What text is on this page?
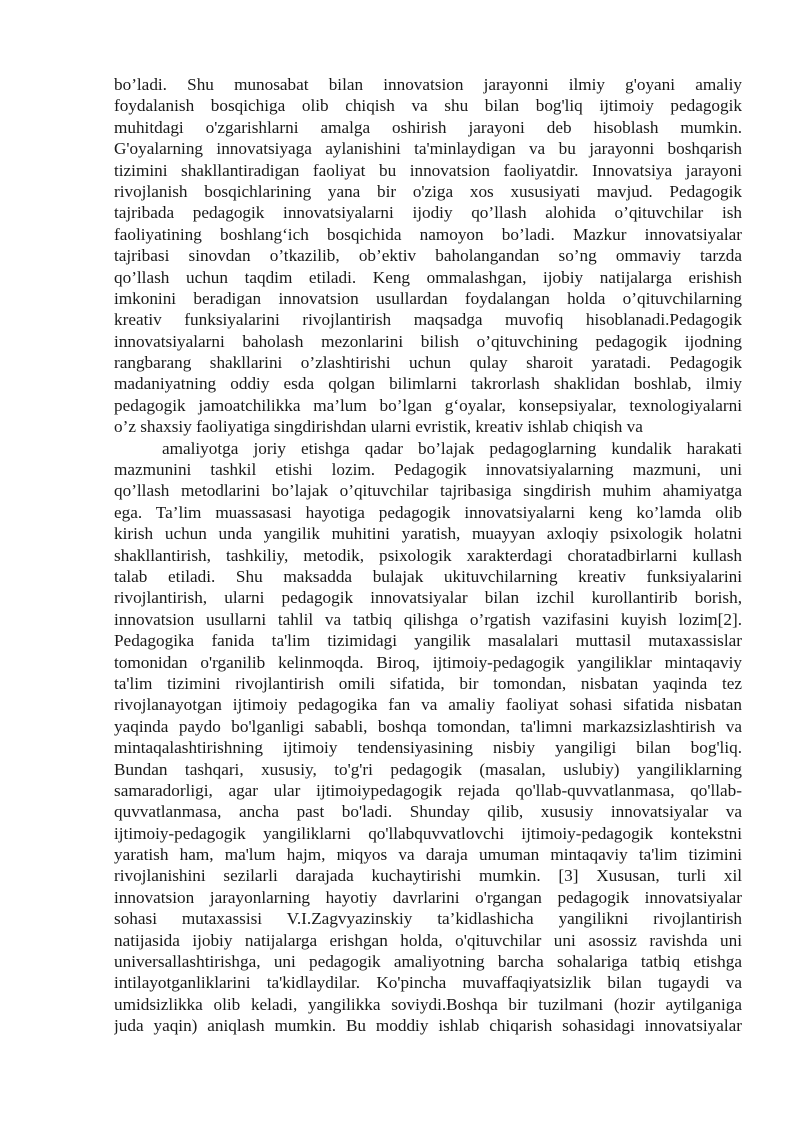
bo’ladi. Shu munosabat bilan innovatsion jarayonni ilmiy g'oyani amaliy
foydalanish bosqichiga olib chiqish va shu bilan bog'liq ijtimoiy pedagogik
muhitdagi o'zgarishlarni amalga oshirish jarayoni deb hisoblash mumkin.
G'oyalarning innovatsiyaga aylanishini ta'minlaydigan va bu jarayonni boshqarish
tizimini shakllantiradigan faoliyat bu innovatsion faoliyatdir. Innovatsiya jarayoni
rivojlanish bosqichlarining yana bir o'ziga xos xususiyati mavjud. Pedagogik
tajribada pedagogik innovatsiyalarni ijodiy qo’llash alohida o’qituvchilar ish
faoliyatining boshlang‘ich bosqichida namoyon bo’ladi. Mazkur innovatsiyalar
tajribasi sinovdan o’tkazilib, ob’ektiv baholangandan so’ng ommaviy tarzda
qo’llash uchun taqdim etiladi. Keng ommalashgan, ijobiy natijalarga erishish
imkonini beradigan innovatsion usullardan foydalangan holda o’qituvchilarning
kreativ funksiyalarini rivojlantirish maqsadga muvofiq hisoblanadi.Pedagogik
innovatsiyalarni baholash mezonlarini bilish o’qituvchining pedagogik ijodning
rangbarang shakllarini o’zlashtirishi uchun qulay sharoit yaratadi. Pedagogik
madaniyatning oddiy esda qolgan bilimlarni takrorlash shaklidan boshlab, ilmiy
pedagogik jamoatchilikka ma’lum bo’lgan g‘oyalar, konsepsiyalar, texnologiyalarni
o’z shaxsiy faoliyatiga singdirishdan ularni evristik, kreativ ishlab chiqish va
amaliyotga joriy etishga qadar bo’lajak pedagoglarning kundalik harakati
mazmunini tashkil etishi lozim. Pedagogik innovatsiyalarning mazmuni, uni
qo’llash metodlarini bo’lajak o’qituvchilar tajribasiga singdirish muhim ahamiyatga
ega. Ta’lim muassasasi hayotiga pedagogik innovatsiyalarni keng ko’lamda olib
kirish uchun unda yangilik muhitini yaratish, muayyan axloqiy psixologik holatni
shakllantirish, tashkiliy, metodik, psixologik xarakterdagi choratadbirlarni kullash
talab etiladi. Shu maksadda bulajak ukituvchilarning kreativ funksiyalarini
rivojlantirish, ularni pedagogik innovatsiyalar bilan izchil kurollantirib borish,
innovatsion usullarni tahlil va tatbiq qilishga o’rgatish vazifasini kuyish lozim[2].
Pedagogika fanida ta'lim tizimidagi yangilik masalalari muttasil mutaxassislar
tomonidan o'rganilib kelinmoqda. Biroq, ijtimoiy-pedagogik yangiliklar mintaqaviy
ta'lim tizimini rivojlantirish omili sifatida, bir tomondan, nisbatan yaqinda tez
rivojlanayotgan ijtimoiy pedagogika fan va amaliy faoliyat sohasi sifatida nisbatan
yaqinda paydo bo'lganligi sababli, boshqa tomondan, ta'limni markazsizlashtirish va
mintaqalashtirishning ijtimoiy tendensiyasining nisbiy yangiligi bilan bog'liq.
Bundan tashqari, xususiy, to'g'ri pedagogik (masalan, uslubiy) yangiliklarning
samaradorligi, agar ular ijtimoiypedagogik rejada qo'llab-quvvatlanmasa, qo'llab-
quvvatlanmasa, ancha past bo'ladi. Shunday qilib, xususiy innovatsiyalar va
ijtimoiy-pedagogik yangiliklarni qo'llabquvvatlovchi ijtimoiy-pedagogik kontekstni
yaratish ham, ma'lum hajm, miqyos va daraja umuman mintaqaviy ta'lim tizimini
rivojlanishini sezilarli darajada kuchaytirishi mumkin. [3] Xususan, turli xil
innovatsion jarayonlarning hayotiy davrlarini o'rgangan pedagogik innovatsiyalar
sohasi mutaxassisi V.I.Zagvyazinskiy ta’kidlashicha yangilikni rivojlantirish
natijasida ijobiy natijalarga erishgan holda, o'qituvchilar uni asossiz ravishda uni
universallashtirishga, uni pedagogik amaliyotning barcha sohalariga tatbiq etishga
intilayotganliklarini ta'kidlaydilar. Ko'pincha muvaffaqiyatsizlik bilan tugaydi va
umidsizlikka olib keladi, yangilikka soviydi.Boshqa bir tuzilmani (hozir aytilganiga
juda yaqin) aniqlash mumkin. Bu moddiy ishlab chiqarish sohasidagi innovatsiyalar
